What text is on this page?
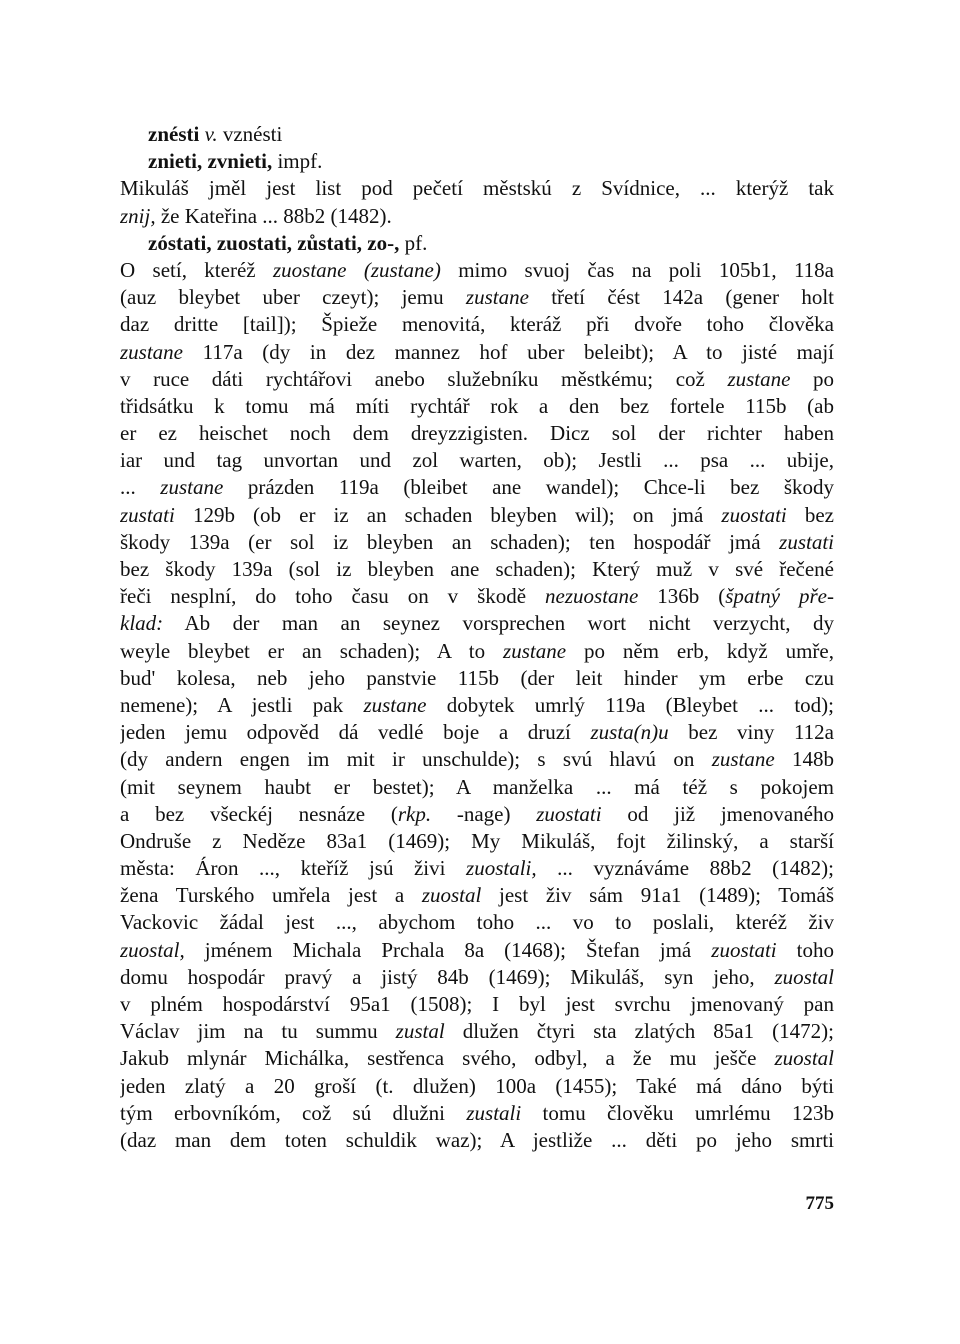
znésti v. vznésti
znieti, zvnieti, impf.
Mikuláš jměl jest list pod pečetí městskú z Svídnice, ... kterýž tak
znij, že Kateřina ... 88b2 (1482).
zóstati, zuostati, zůstati, zo-, pf.
O setí, kteréž zuostane (zustane) mimo svuoj čas na poli 105b1, 118a
(auz bleybet uber czeyt); jemu zustane třetí čést 142a (gener holt
daz dritte [tail]); Špieže menovitá, kteráž při dvoře toho člověka
zustane 117a (dy in dez mannez hof uber beleibt); A to jisté mají
v ruce dáti rychtářovi anebo služebníku městkému; což zustane po
třidsátku k tomu má míti rychtář rok a den bez fortele 115b (ab
er ez heischet noch dem dreyzzigisten. Dicz sol der richter haben
iar und tag unvortan und zol warten, ob); Jestli ... psa ... ubije,
... zustane prázden 119a (bleibet ane wandel); Chce-li bez škody
zustati 129b (ob er iz an schaden bleyben wil); on jmá zuostati bez
škody 139a (er sol iz bleyben an schaden); ten hospodář jmá zustati
bez škody 139a (sol iz bleyben ane schaden); Který muž v své řečené
řeči nesplní, do toho času on v škodě nezuostane 136b (špatný pře-
klad: Ab der man an seynez vorsprechen wort nicht verzycht, dy
weyle bleybet er an schaden); A to zustane po něm erb, když umře,
bud' kolesa, neb jeho panstvie 115b (der leit hinder ym erbe czu
nemene); A jestli pak zustane dobytek umrlý 119a (Bleybet ... tod);
jeden jemu odpověd dá vedlé boje a druzí zusta(n)u bez viny 112a
(dy andern engen im mit ir unschulde); s svú hlavú on zustane 148b
(mit seynem haubt er bestet); A manželka ... má též s pokojem
a bez všeckéj nesnáze (rkp. -nage) zuostati od již jmenovaného
Ondruše z Neděze 83a1 (1469); My Mikuláš, fojt žilinský, a starší
města: Áron ..., kteříž jsú živi zuostali, ... vyznáváme 88b2 (1482);
žena Turského umřela jest a zuostal jest živ sám 91a1 (1489); Tomáš
Vackovic žádal jest ..., abychom toho ... vo to poslali, kteréž živ
zuostal, jménem Michala Prchala 8a (1468); Štefan jmá zuostati toho
domu hospodár pravý a jistý 84b (1469); Mikuláš, syn jeho, zuostal
v plném hospodárství 95a1 (1508); I byl jest svrchu jmenovaný pan
Václav jim na tu summu zustal dlužen čtyri sta zlatých 85a1 (1472);
Jakub mlynár Michálka, sestřenca svého, odbyl, a že mu ješče zuostal
jeden zlatý a 20 groší (t. dlužen) 100a (1455); Také má dáno býti
tým erbovníkóm, což sú dlužni zustali tomu člověku umrlému 123b
(daz man dem toten schuldik waz); A jestliže ... děti po jeho smrti
775
